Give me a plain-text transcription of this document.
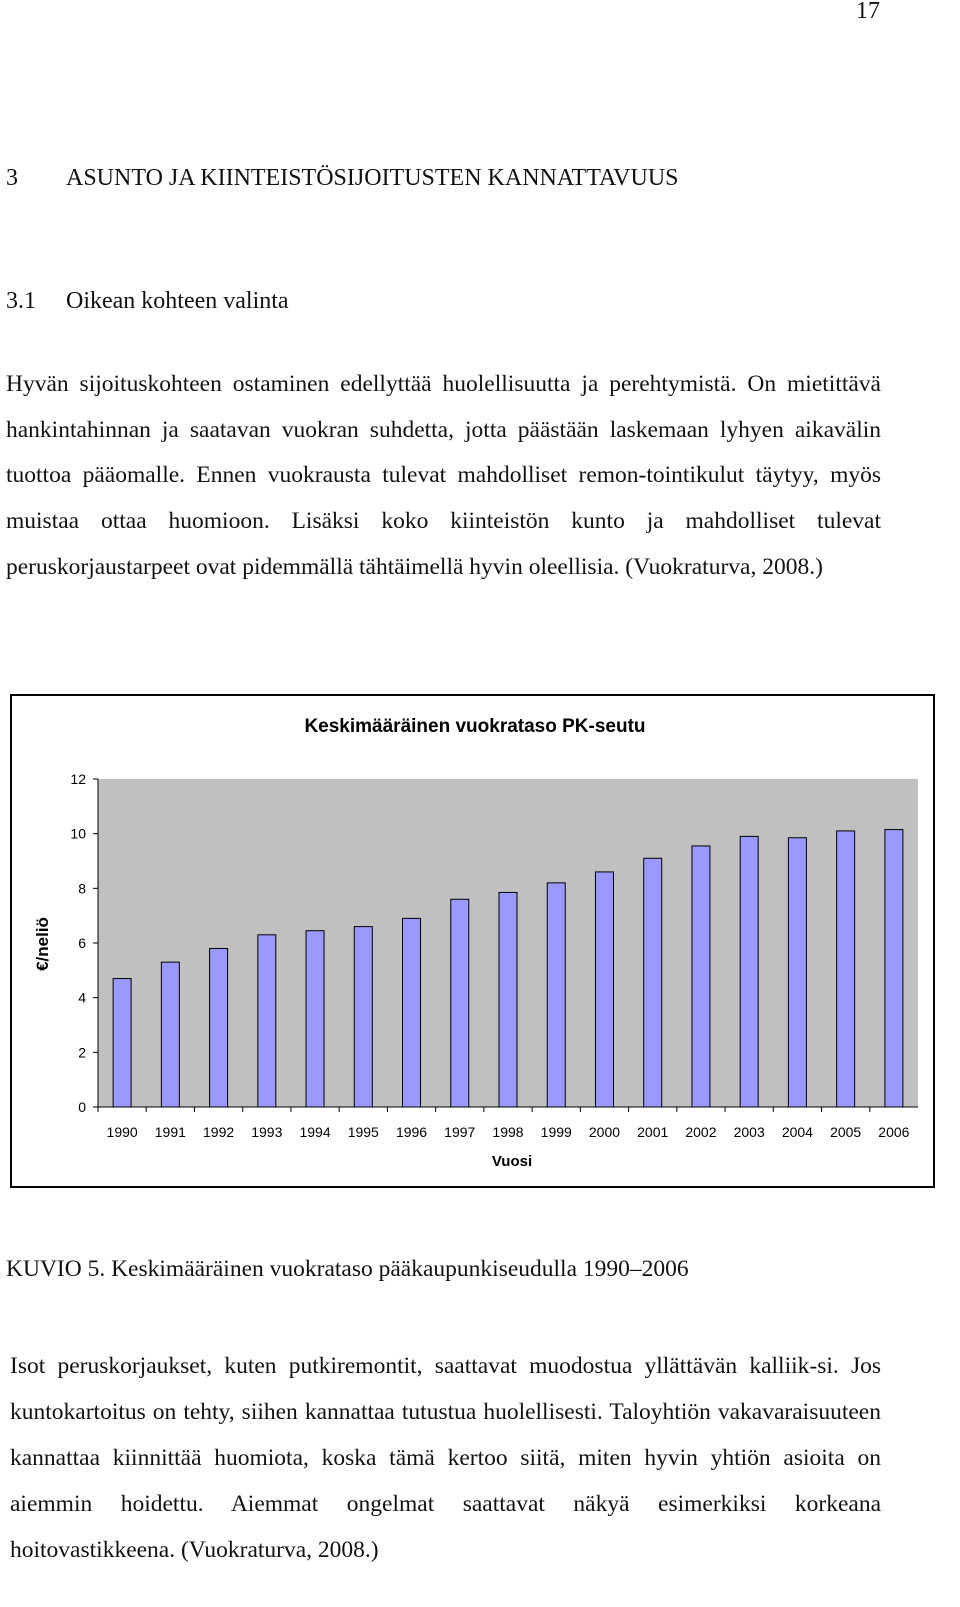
17
3 ASUNTO JA KIINTEISTÖSIJOITUSTEN KANNATTAVUUS
3.1 Oikean kohteen valinta

Hyvän sijoituskohteen ostaminen edellyttää huolellisuutta ja perehtymistä. On mietittävä hankintahinnan ja saatavan vuokran suhdetta, jotta päästään laskemaan lyhyen aikavälin tuottoa pääomalle. Ennen vuokrausta tulevat mahdolliset remon-tointikulut täytyy, myös muistaa ottaa huomioon. Lisäksi koko kiinteistön kunto ja mahdolliset tulevat peruskorjaustarpeet ovat pidemmällä tähtäimellä hyvin oleellisia. (Vuokraturva, 2008.)

Keskimääräinen vuokrataso PK-seutu
0
2
4
6
8
10
12
1990 1991 1992 1993 1994 1995 1996 1997 1998 1999 2000 2001 2002 2003 2004 2005 2006
€/neliö
Vuosi
KUVIO 5. Keskimääräinen vuokrataso pääkaupunkiseudulla 1990–2006

Isot peruskorjaukset, kuten putkiremontit, saattavat muodostua yllättävän kalliik-si. Jos kuntokartoitus on tehty, siihen kannattaa tutustua huolellisesti. Taloyhtiön vakavaraisuuteen kannattaa kiinnittää huomiota, koska tämä kertoo siitä, miten hyvin yhtiön asioita on aiemmin hoidettu. Aiemmat ongelmat saattavat näkyä esimerkiksi korkeana hoitovastikkeena. (Vuokraturva, 2008.)
